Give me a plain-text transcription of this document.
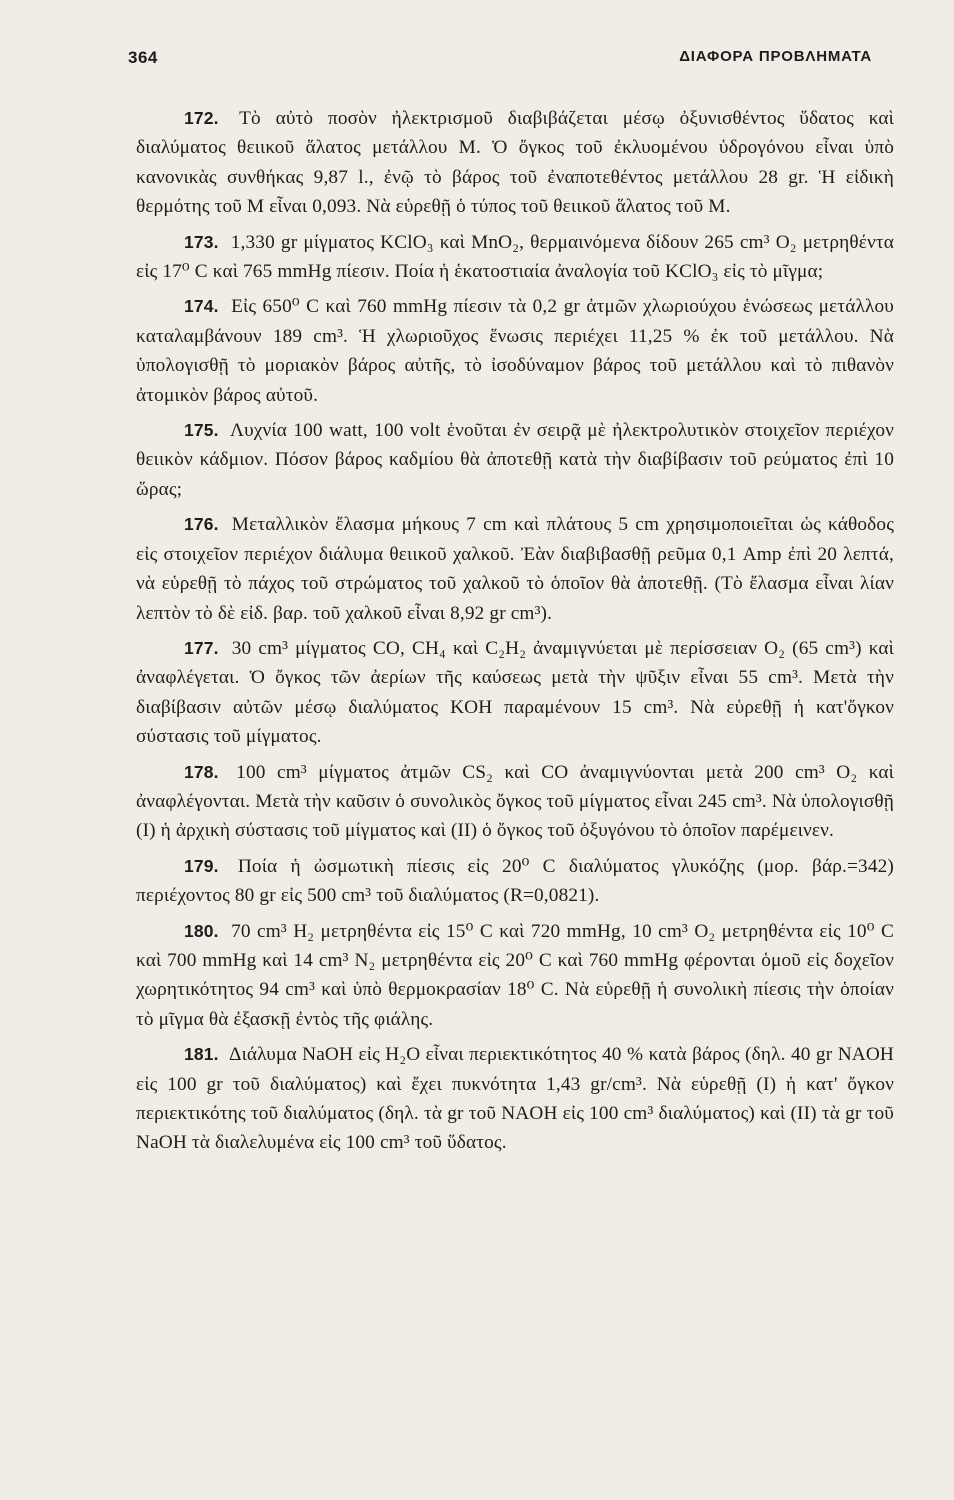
364	ΔΙΑΦΟΡΑ ΠΡΟΒΛΗΜΑΤΑ

172. Τὸ αὐτὸ ποσὸν ἠλεκτρισμοῦ διαβιβάζεται μέσῳ ὀξυνισθέντος ὕδατος καὶ διαλύματος θειικοῦ ἅλατος μετάλλου Μ. Ὁ ὄγκος τοῦ ἐκλυομένου ὑδρογόνου εἶναι ὑπὸ κανονικὰς συνθήκας 9,87 l., ἐνῷ τὸ βάρος τοῦ ἐναποτεθέντος μετάλλου 28 gr. Ἡ εἰδικὴ θερμότης τοῦ Μ εἶναι 0,093. Νὰ εὑρεθῇ ὁ τύπος τοῦ θειικοῦ ἅλατος τοῦ Μ.

173. 1,330 gr μίγματος KClO₃ καὶ MnO₂, θερμαινόμενα δίδουν 265 cm³ O₂ μετρηθέντα εἰς 17⁰ C καὶ 765 mmHg πίεσιν. Ποία ἡ ἑκατοστιαία ἀναλογία τοῦ KClO₃ εἰς τὸ μῖγμα;

174. Εἰς 650⁰ C καὶ 760 mmHg πίεσιν τὰ 0,2 gr ἀτμῶν χλωριούχου ἑνώσεως μετάλλου καταλαμβάνουν 189 cm³. Ἡ χλωριοῦχος ἕνωσις περιέχει 11,25 % ἐκ τοῦ μετάλλου. Νὰ ὑπολογισθῇ τὸ μοριακὸν βάρος αὐτῆς, τὸ ἰσοδύναμον βάρος τοῦ μετάλλου καὶ τὸ πιθανὸν ἀτομικὸν βάρος αὐτοῦ.

175. Λυχνία 100 watt, 100 volt ἑνοῦται ἐν σειρᾷ μὲ ἠλεκτρολυτικὸν στοιχεῖον περιέχον θειικὸν κάδμιον. Πόσον βάρος καδμίου θὰ ἀποτεθῇ κατὰ τὴν διαβίβασιν τοῦ ρεύματος ἐπὶ 10 ὥρας;

176. Μεταλλικὸν ἔλασμα μήκους 7 cm καὶ πλάτους 5 cm χρησιμοποιεῖται ὡς κάθοδος εἰς στοιχεῖον περιέχον διάλυμα θειικοῦ χαλκοῦ. Ἐὰν διαβιβασθῇ ρεῦμα 0,1 Amp ἐπὶ 20 λεπτά, νὰ εὑρεθῇ τὸ πάχος τοῦ στρώματος τοῦ χαλκοῦ τὸ ὁποῖον θὰ ἀποτεθῇ. (Τὸ ἔλασμα εἶναι λίαν λεπτὸν τὸ δὲ εἰδ. βαρ. τοῦ χαλκοῦ εἶναι 8,92 gr cm³).

177. 30 cm³ μίγματος CO, CH₄ καὶ C₂H₂ ἀναμιγνύεται μὲ περίσσειαν O₂ (65 cm³) καὶ ἀναφλέγεται. Ὁ ὄγκος τῶν ἀερίων τῆς καύσεως μετὰ τὴν ψῦξιν εἶναι 55 cm³. Μετὰ τὴν διαβίβασιν αὐτῶν μέσῳ διαλύματος KOH παραμένουν 15 cm³. Νὰ εὑρεθῇ ἡ κατ'ὄγκον σύστασις τοῦ μίγματος.

178. 100 cm³ μίγματος ἀτμῶν CS₂ καὶ CO ἀναμιγνύονται μετὰ 200 cm³ O₂ καὶ ἀναφλέγονται. Μετὰ τὴν καῦσιν ὁ συνολικὸς ὄγκος τοῦ μίγματος εἶναι 245 cm³. Νὰ ὑπολογισθῇ (I) ἡ ἀρχικὴ σύστασις τοῦ μίγματος καὶ (II) ὁ ὄγκος τοῦ ὀξυγόνου τὸ ὁποῖον παρέμεινεν.

179. Ποία ἡ ὠσμωτικὴ πίεσις εἰς 20⁰ C διαλύματος γλυκόζης (μορ. βάρ.=342) περιέχοντος 80 gr εἰς 500 cm³ τοῦ διαλύματος (R=0,0821).

180. 70 cm³ H₂ μετρηθέντα εἰς 15⁰ C καὶ 720 mmHg, 10 cm³ O₂ μετρηθέντα εἰς 10⁰ C καὶ 700 mmHg καὶ 14 cm³ N₂ μετρηθέντα εἰς 20⁰ C καὶ 760 mmHg φέρονται ὁμοῦ εἰς δοχεῖον χωρητικότητος 94 cm³ καὶ ὑπὸ θερμοκρασίαν 18⁰ C. Νὰ εὑρεθῇ ἡ συνολικὴ πίεσις τὴν ὁποίαν τὸ μῖγμα θὰ ἐξασκῇ ἐντὸς τῆς φιάλης.

181. Διάλυμα NaOH εἰς H₂O εἶναι περιεκτικότητος 40 % κατὰ βάρος (δηλ. 40 gr NAOH εἰς 100 gr τοῦ διαλύματος) καὶ ἔχει πυκνότητα 1,43 gr/cm³. Νὰ εὑρεθῇ (I) ἡ κατ' ὄγκον περιεκτικότης τοῦ διαλύματος (δηλ. τὰ gr τοῦ NAOH εἰς 100 cm³ διαλύματος) καὶ (II) τὰ gr τοῦ NaOH τὰ διαλελυμένα εἰς 100 cm³ τοῦ ὕδατος.
